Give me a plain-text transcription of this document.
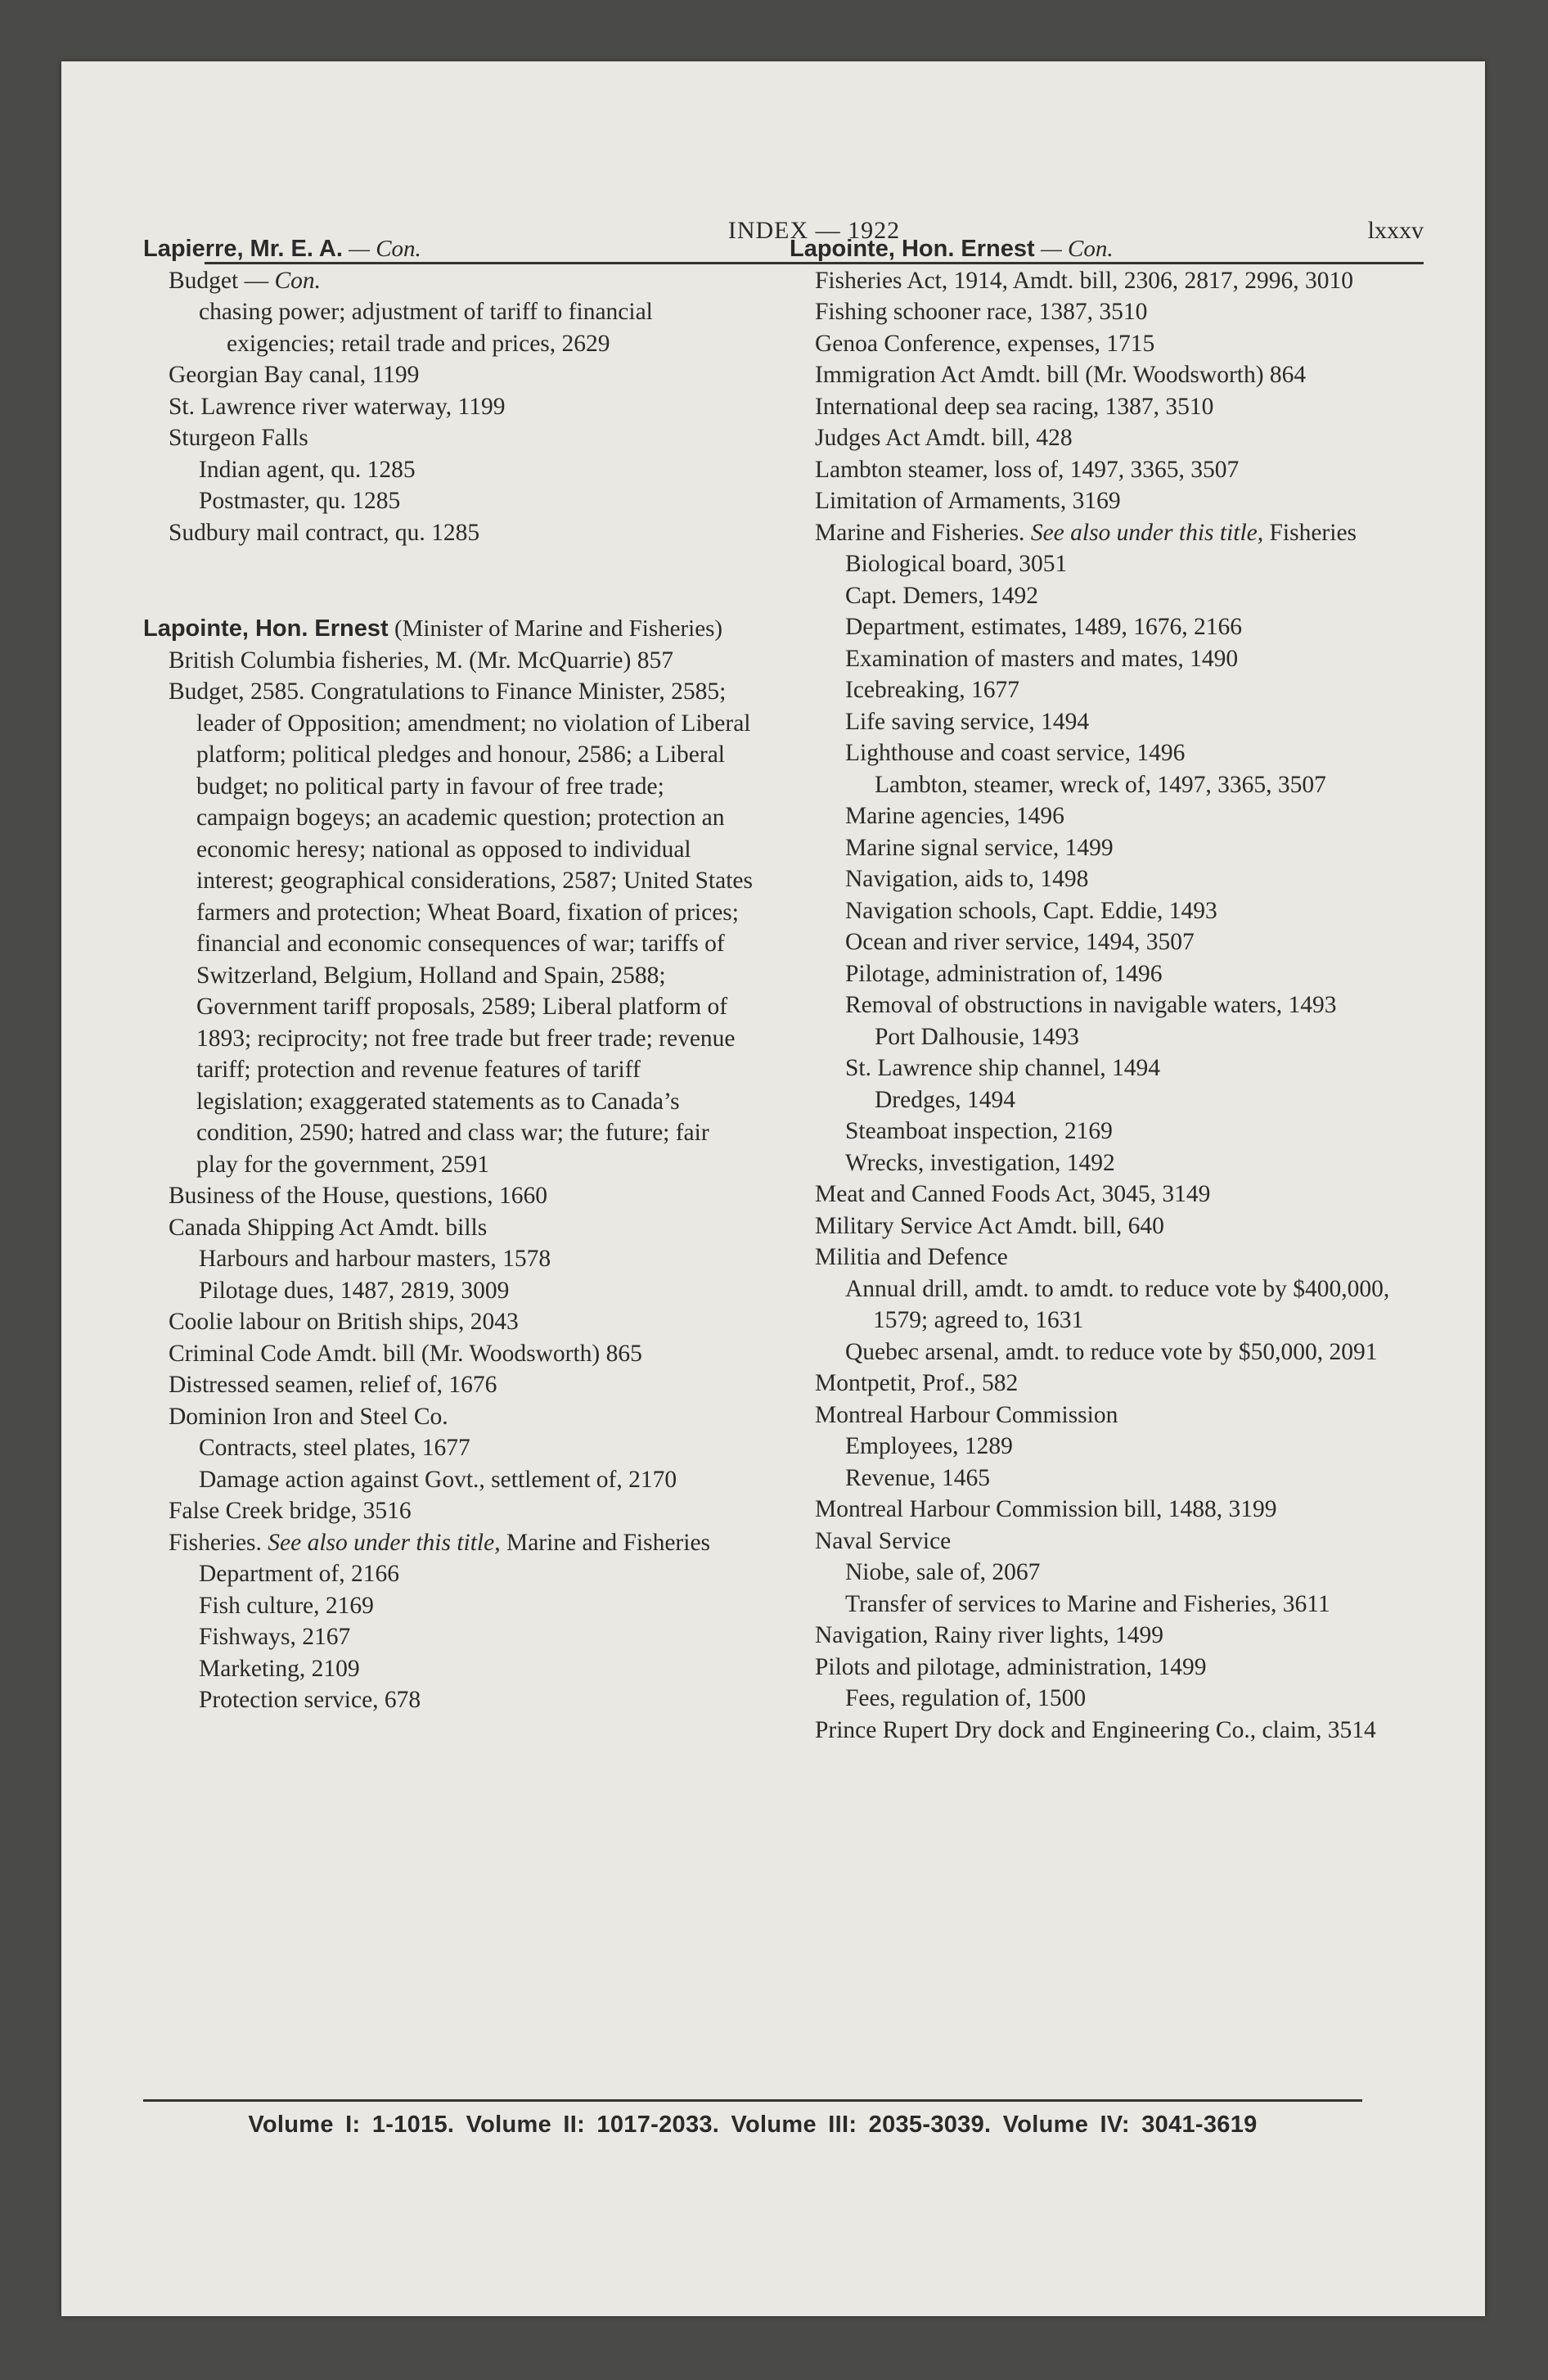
INDEX — 1922	lxxxv

Lapierre, Mr. E. A. — Con.

Budget — Con.

chasing power; adjustment of tariff to financial exigencies; retail trade and prices, 2629

Georgian Bay canal, 1199

St. Lawrence river waterway, 1199

Sturgeon Falls

Indian agent, qu. 1285

Postmaster, qu. 1285

Sudbury mail contract, qu. 1285

Lapointe, Hon. Ernest (Minister of Marine and Fisheries)

British Columbia fisheries, M. (Mr. McQuarrie) 857

Budget, 2585. Congratulations to Finance Minister, 2585; leader of Opposition; amendment; no violation of Liberal platform; political pledges and honour, 2586; a Liberal budget; no political party in favour of free trade; campaign bogeys; an academic question; protection an economic heresy; national as opposed to individual interest; geographical considerations, 2587; United States farmers and protection; Wheat Board, fixation of prices; financial and economic consequences of war; tariffs of Switzerland, Belgium, Holland and Spain, 2588; Government tariff proposals, 2589; Liberal platform of 1893; reciprocity; not free trade but freer trade; revenue tariff; protection and revenue features of tariff legislation; exaggerated statements as to Canada’s condition, 2590; hatred and class war; the future; fair play for the government, 2591

Business of the House, questions, 1660

Canada Shipping Act Amdt. bills

Harbours and harbour masters, 1578

Pilotage dues, 1487, 2819, 3009

Coolie labour on British ships, 2043

Criminal Code Amdt. bill (Mr. Woodsworth) 865

Distressed seamen, relief of, 1676

Dominion Iron and Steel Co.

Contracts, steel plates, 1677

Damage action against Govt., settlement of, 2170

False Creek bridge, 3516

Fisheries. See also under this title, Marine and Fisheries

Department of, 2166

Fish culture, 2169

Fishways, 2167

Marketing, 2109

Protection service, 678

Lapointe, Hon. Ernest — Con.

Fisheries Act, 1914, Amdt. bill, 2306, 2817, 2996, 3010

Fishing schooner race, 1387, 3510

Genoa Conference, expenses, 1715

Immigration Act Amdt. bill (Mr. Woodsworth) 864

International deep sea racing, 1387, 3510

Judges Act Amdt. bill, 428

Lambton steamer, loss of, 1497, 3365, 3507

Limitation of Armaments, 3169

Marine and Fisheries. See also under this title, Fisheries

Biological board, 3051

Capt. Demers, 1492

Department, estimates, 1489, 1676, 2166

Examination of masters and mates, 1490

Icebreaking, 1677

Life saving service, 1494

Lighthouse and coast service, 1496

Lambton, steamer, wreck of, 1497, 3365, 3507

Marine agencies, 1496

Marine signal service, 1499

Navigation, aids to, 1498

Navigation schools, Capt. Eddie, 1493

Ocean and river service, 1494, 3507

Pilotage, administration of, 1496

Removal of obstructions in navigable waters, 1493

Port Dalhousie, 1493

St. Lawrence ship channel, 1494

Dredges, 1494

Steamboat inspection, 2169

Wrecks, investigation, 1492

Meat and Canned Foods Act, 3045, 3149

Military Service Act Amdt. bill, 640

Militia and Defence

Annual drill, amdt. to amdt. to reduce vote by $400,000, 1579; agreed to, 1631

Quebec arsenal, amdt. to reduce vote by $50,000, 2091

Montpetit, Prof., 582

Montreal Harbour Commission

Employees, 1289

Revenue, 1465

Montreal Harbour Commission bill, 1488, 3199

Naval Service

Niobe, sale of, 2067

Transfer of services to Marine and Fisheries, 3611

Navigation, Rainy river lights, 1499

Pilots and pilotage, administration, 1499

Fees, regulation of, 1500

Prince Rupert Dry dock and Engineering Co., claim, 3514

Volume I: 1-1015. Volume II: 1017-2033. Volume III: 2035-3039. Volume IV: 3041-3619
